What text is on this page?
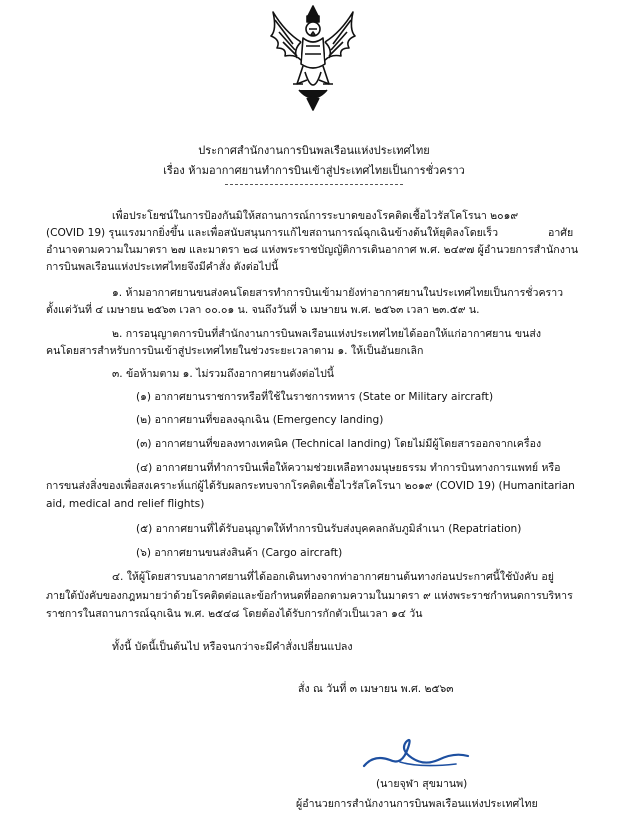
ประกาศสำนักงานการบินพลเรือนแห่งประเทศไทย
เรื่อง ห้ามอากาศยานทำการบินเข้าสู่ประเทศไทยเป็นการชั่วคราว
เพื่อประโยชน์ในการป้องกันมิให้สถานการณ์การระบาดของโรคติดเชื้อไวรัสโคโรนา ๒๐๑๙
(COVID 19) รุนแรงมากยิ่งขึ้น และเพื่อสนับสนุนการแก้ไขสถานการณ์ฉุกเฉินข้างต้นให้ยุติลงโดยเร็ว	อาศัย
อำนาจตามความในมาตรา ๒๗ และมาตรา ๒๘ แห่งพระราชบัญญัติการเดินอากาศ พ.ศ. ๒๔๙๗ ผู้อำนวยการสำนักงาน
การบินพลเรือนแห่งประเทศไทยจึงมีคำสั่ง ดังต่อไปนี้
๑. ห้ามอากาศยานขนส่งคนโดยสารทำการบินเข้ามายังท่าอากาศยานในประเทศไทยเป็นการชั่วคราว
ตั้งแต่วันที่ ๔ เมษายน ๒๕๖๓ เวลา ๐๐.๐๑ น. จนถึงวันที่ ๖ เมษายน พ.ศ. ๒๕๖๓ เวลา ๒๓.๕๙ น.
๒. การอนุญาตการบินที่สำนักงานการบินพลเรือนแห่งประเทศไทยได้ออกให้แก่อากาศยาน ขนส่ง
คนโดยสารสำหรับการบินเข้าสู่ประเทศไทยในช่วงระยะเวลาตาม ๑. ให้เป็นอันยกเลิก
๓. ข้อห้ามตาม ๑. ไม่รวมถึงอากาศยานดังต่อไปนี้
(๑) อากาศยานราชการหรือที่ใช้ในราชการทหาร (State or Military aircraft)
(๒) อากาศยานที่ขอลงฉุกเฉิน (Emergency landing)
(๓) อากาศยานที่ขอลงทางเทคนิค (Technical landing) โดยไม่มีผู้โดยสารออกจากเครื่อง
(๔) อากาศยานที่ทำการบินเพื่อให้ความช่วยเหลือทางมนุษยธรรม ทำการบินทางการแพทย์ หรือ
การขนส่งสิ่งของเพื่อสงเคราะห์แก่ผู้ได้รับผลกระทบจากโรคติดเชื้อไวรัสโคโรนา ๒๐๑๙ (COVID 19) (Humanitarian
aid, medical and relief flights)
(๕) อากาศยานที่ได้รับอนุญาตให้ทำการบินรับส่งบุคคลกลับภูมิลำเนา (Repatriation)
(๖) อากาศยานขนส่งสินค้า (Cargo aircraft)
๔. ให้ผู้โดยสารบนอากาศยานที่ได้ออกเดินทางจากท่าอากาศยานต้นทางก่อนประกาศนี้ใช้บังคับ อยู่
ภายใต้บังคับของกฎหมายว่าด้วยโรคติดต่อและข้อกำหนดที่ออกตามความในมาตรา ๙ แห่งพระราชกำหนดการบริหาร
ราชการในสถานการณ์ฉุกเฉิน พ.ศ. ๒๕๔๘ โดยต้องได้รับการกักตัวเป็นเวลา ๑๔ วัน
ทั้งนี้ บัดนี้เป็นต้นไป หรือจนกว่าจะมีคำสั่งเปลี่ยนแปลง
สั่ง ณ วันที่ ๓ เมษายน พ.ศ. ๒๕๖๓
(นายจุฬา สุขมานพ)
ผู้อำนวยการสำนักงานการบินพลเรือนแห่งประเทศไทย
